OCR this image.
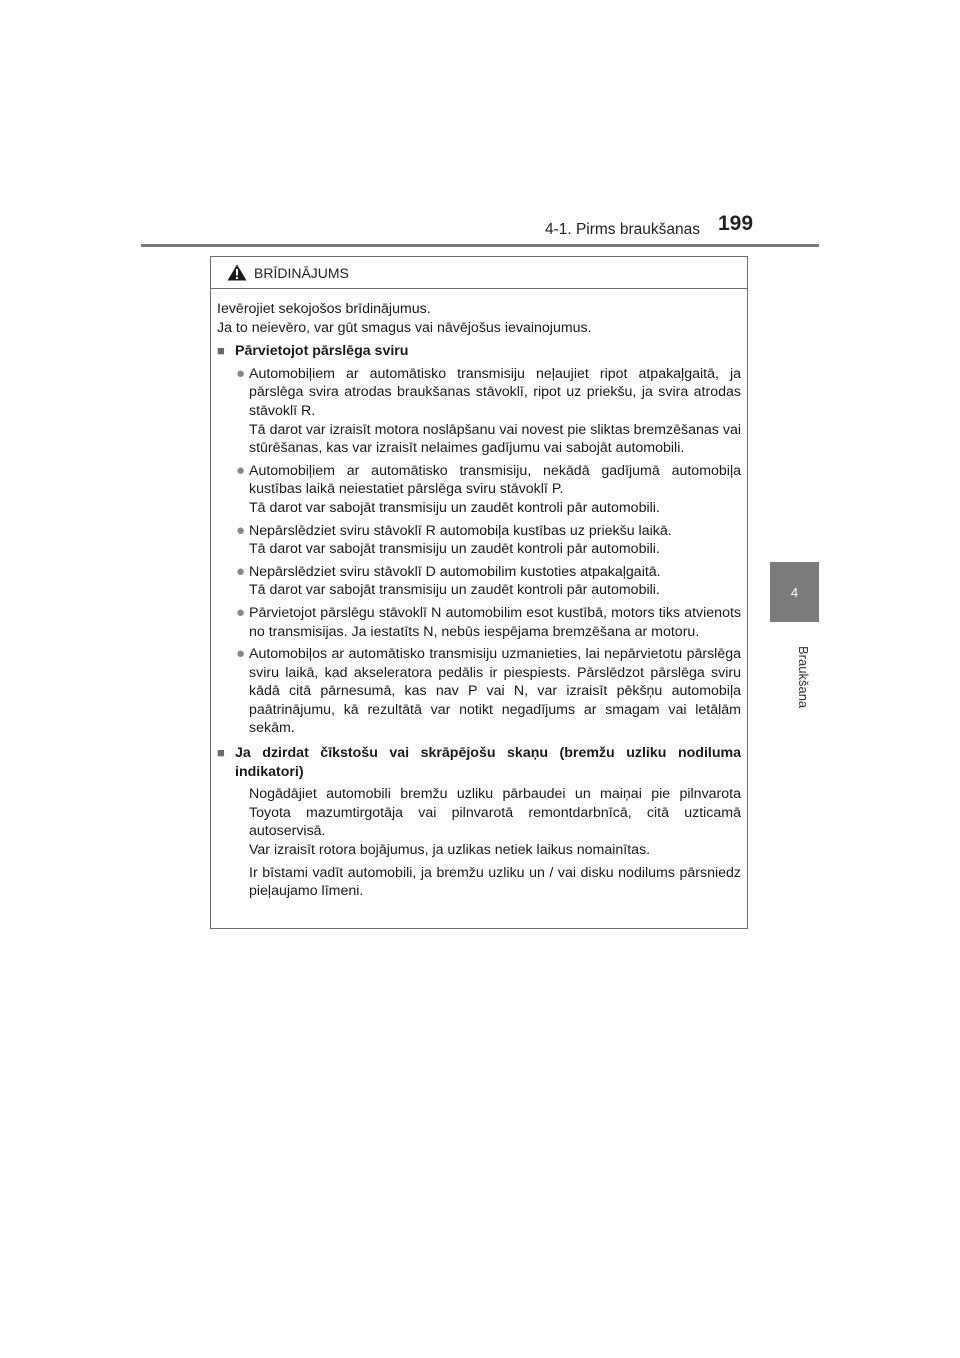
4-1. Pirms braukšanas 199
4
Braukšana
BRĪDINĀJUMS
Ievērojiet sekojošos brīdinājumus.
Ja to neievēro, var gūt smagus vai nāvējošus ievainojumus.
■ Pārvietojot pārslēga sviru
● Automobiļiem ar automātisko transmisiju neļaujiet ripot atpakaļgaitā, ja pārslēga svira atrodas braukšanas stāvoklī, ripot uz priekšu, ja svira atrodas stāvoklī R.
Tā darot var izraisīt motora noslāpšanu vai novest pie sliktas bremzēšanas vai stūrēšanas, kas var izraisīt nelaimes gadījumu vai sabojāt automobili.
● Automobiļiem ar automātisko transmisiju, nekādā gadījumā automobiļa kustības laikā neiestatiet pārslēga sviru stāvoklī P.
Tā darot var sabojāt transmisiju un zaudēt kontroli pār automobili.
● Nepārslēdziet sviru stāvoklī R automobiļa kustības uz priekšu laikā.
Tā darot var sabojāt transmisiju un zaudēt kontroli pār automobili.
● Nepārslēdziet sviru stāvoklī D automobilim kustoties atpakaļgaitā.
Tā darot var sabojāt transmisiju un zaudēt kontroli pār automobili.
● Pārvietojot pārslēgu stāvoklī N automobilim esot kustībā, motors tiks atvienots no transmisijas. Ja iestatīts N, nebūs iespējama bremzēšana ar motoru.
● Automobiļos ar automātisko transmisiju uzmanieties, lai nepārvietotu pārslēga sviru laikā, kad akseleratora pedālis ir piespiests. Pārslēdzot pārslēga sviru kādā citā pārnesumā, kas nav P vai N, var izraisīt pēkšņu automobiļa paātrinājumu, kā rezultātā var notikt negadījums ar smagam vai letālām sekām.
■ Ja dzirdat čīkstošu vai skrāpējošu skaņu (bremžu uzliku nodiluma indikatori)
Nogādājiet automobili bremžu uzliku pārbaudei un maiņai pie pilnvarota Toyota mazumtirgotāja vai pilnvarotā remontdarbnīcā, citā uzticamā autoservisā.
Var izraisīt rotora bojājumus, ja uzlikas netiek laikus nomainītas.
Ir bīstami vadīt automobili, ja bremžu uzliku un / vai disku nodilums pārsniedz pieļaujamo līmeni.
